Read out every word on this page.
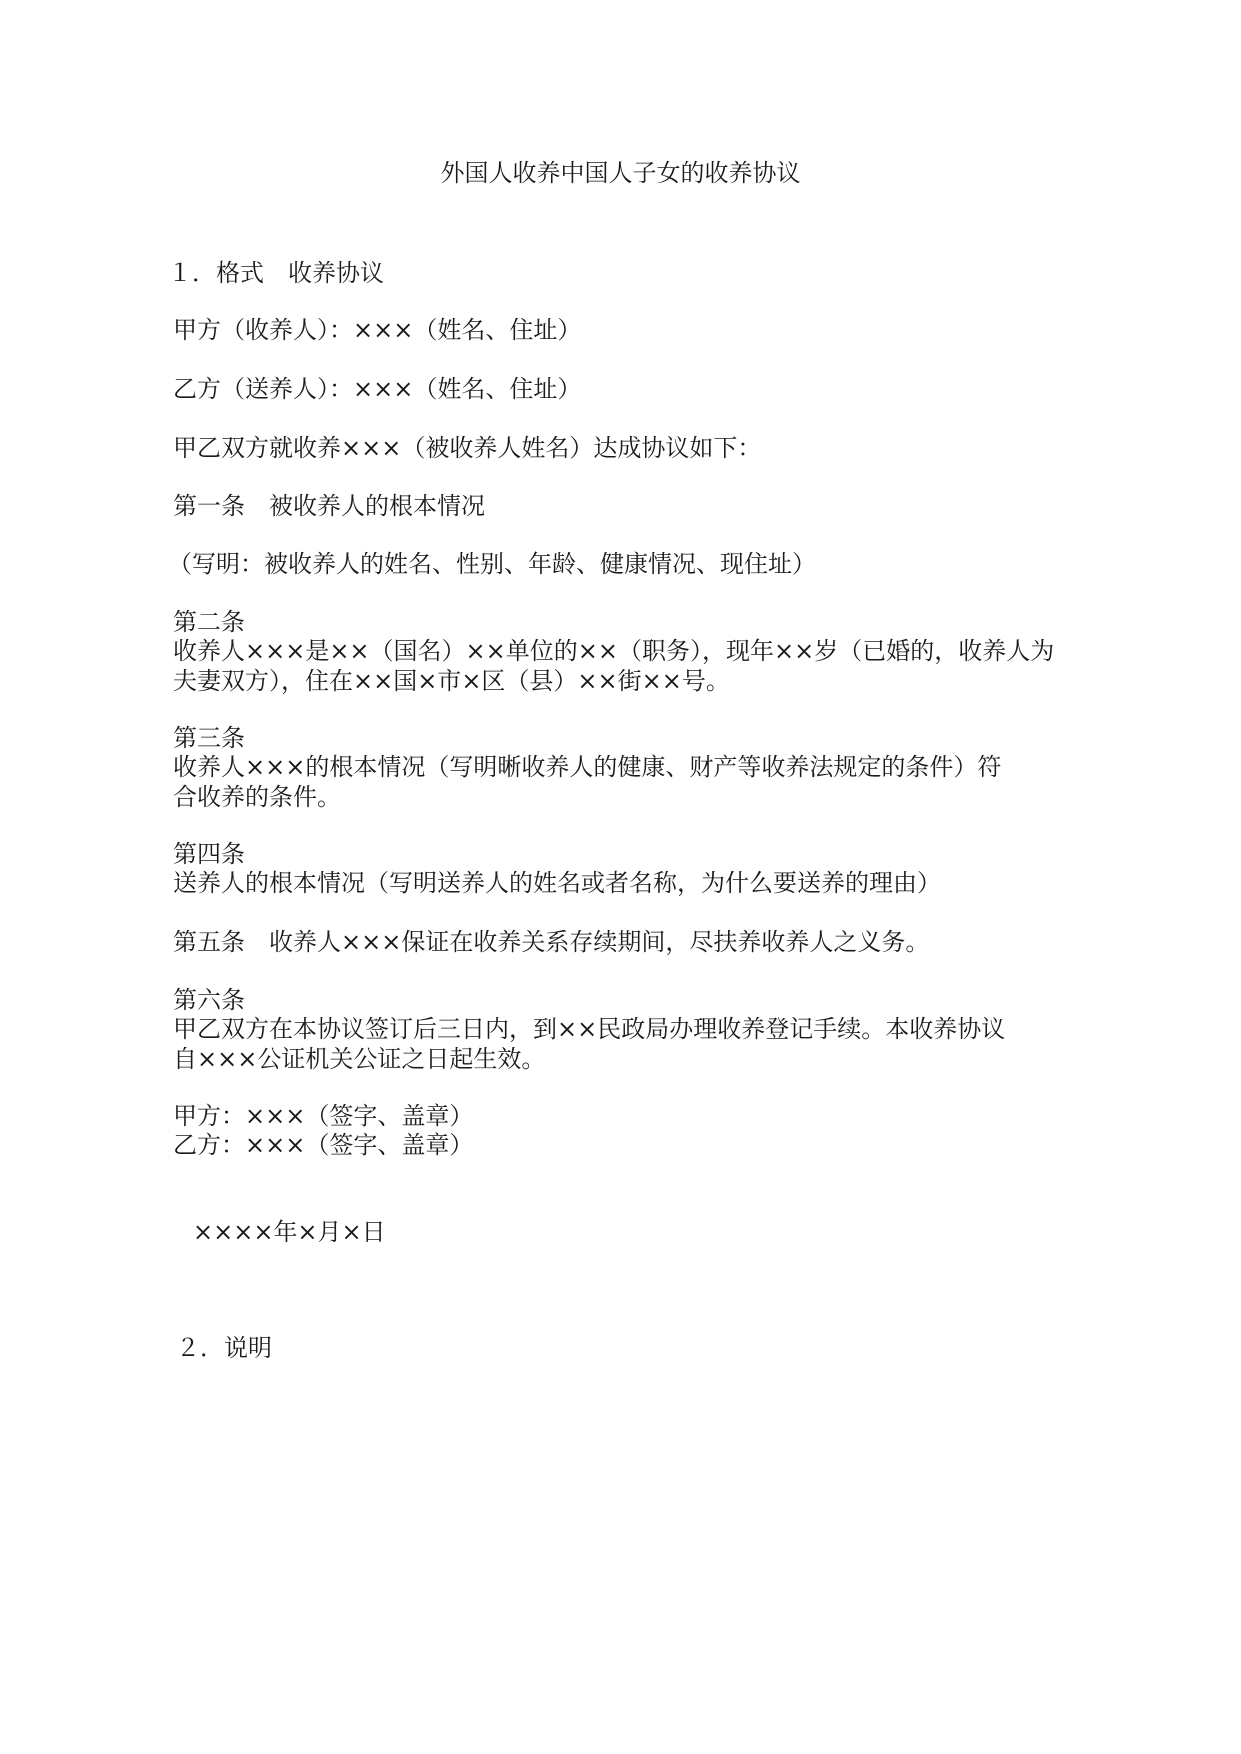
外国人收养中国人子女的收养协议

１．格式　收养协议

甲方（收养人）：×××（姓名、住址）

乙方（送养人）：×××（姓名、住址）

甲乙双方就收养×××（被收养人姓名）达成协议如下：

第一条　被收养人的根本情况

（写明：被收养人的姓名、性别、年龄、健康情况、现住址）

第二条

收养人×××是××（国名）××单位的××（职务），现年××岁（已婚的，收养人为

夫妻双方），住在××国×市×区（县）××街××号。

第三条

收养人×××的根本情况（写明晰收养人的健康、财产等收养法规定的条件）符

合收养的条件。

第四条

送养人的根本情况（写明送养人的姓名或者名称，为什么要送养的理由）

第五条　收养人×××保证在收养关系存续期间，尽扶养收养人之义务。

第六条

甲乙双方在本协议签订后三日内，到××民政局办理收养登记手续。本收养协议

自×××公证机关公证之日起生效。

甲方：×××（签字、盖章）

乙方：×××（签字、盖章）

××××年×月×日

２．说明
